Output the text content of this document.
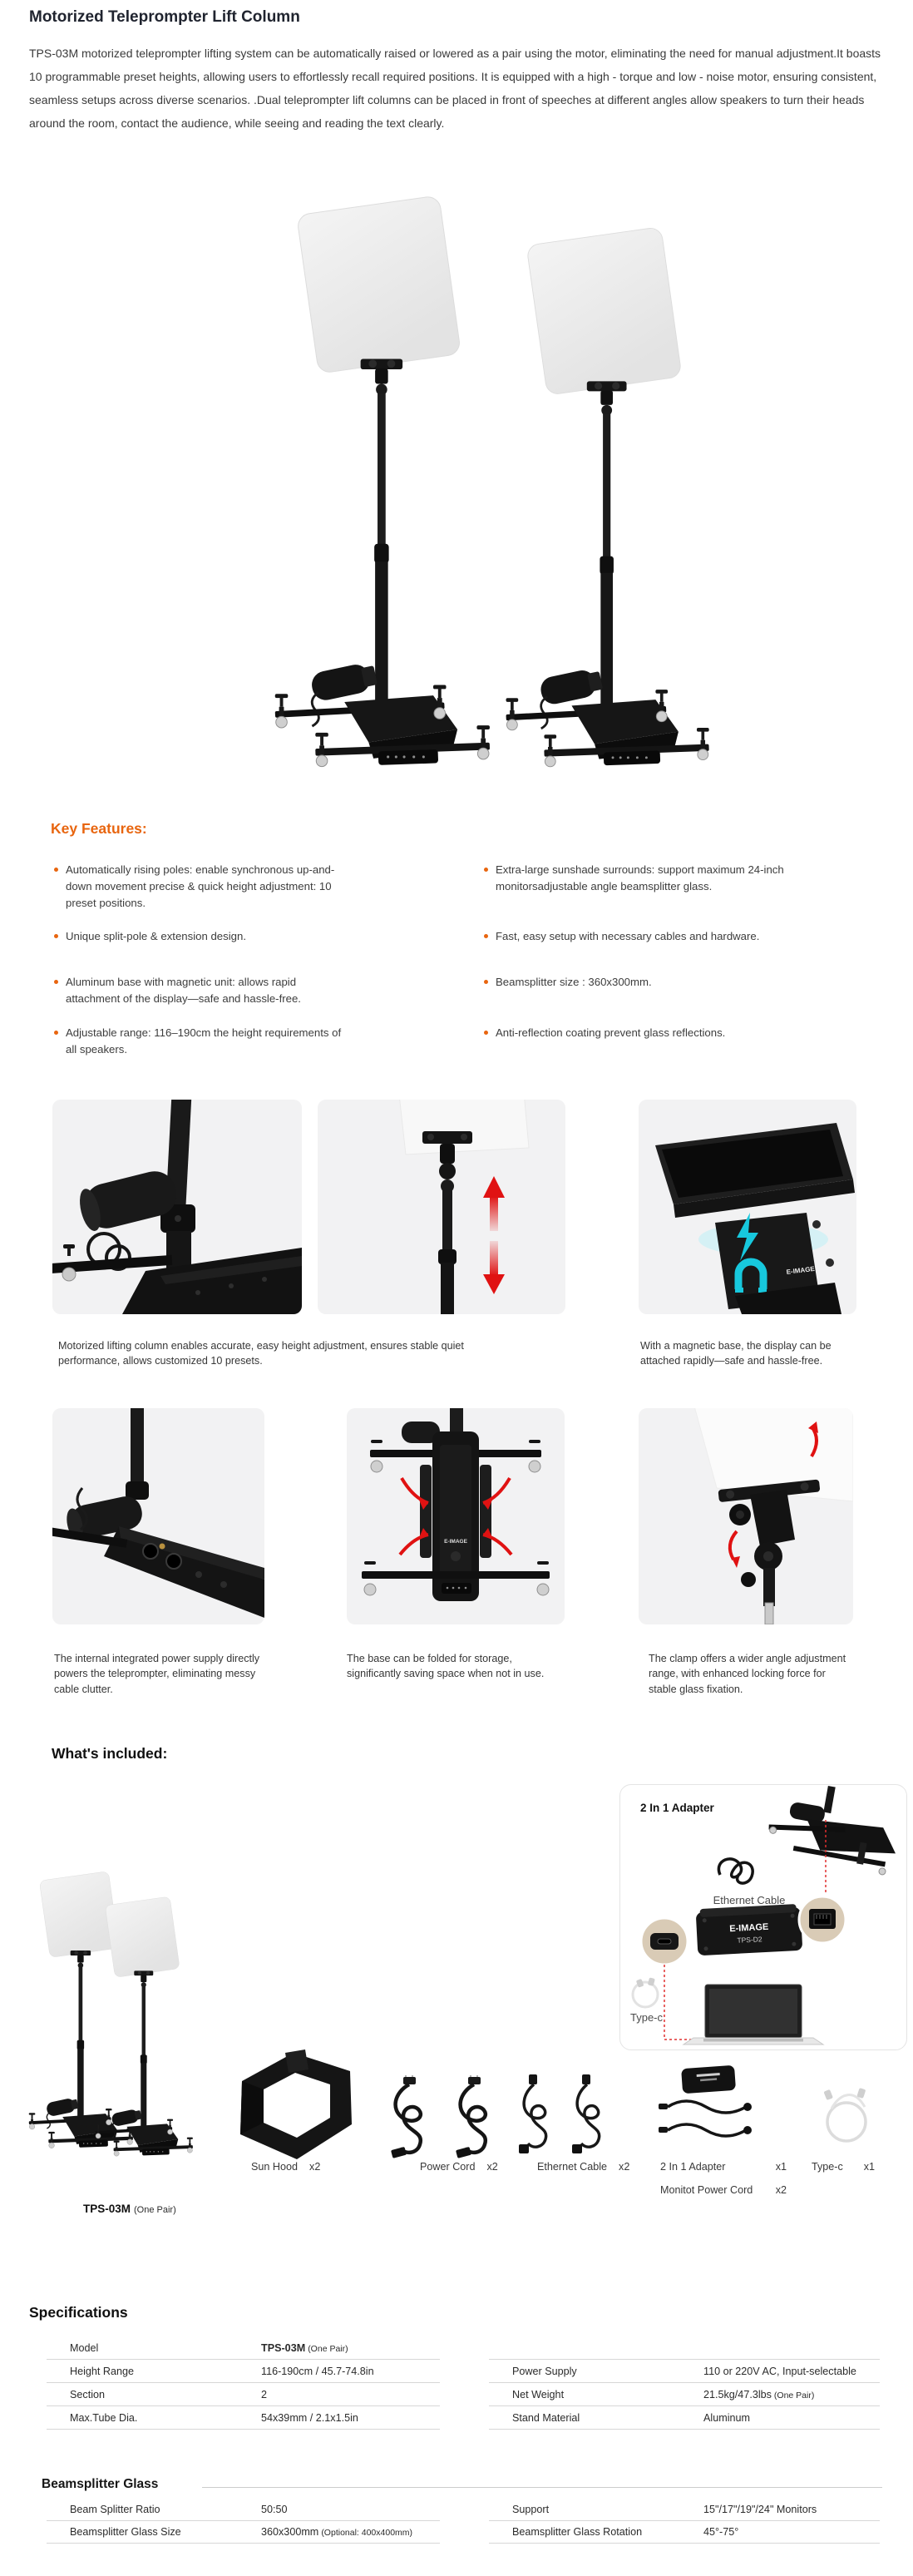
Motorized Teleprompter Lift Column

TPS-03M motorized teleprompter lifting system can be automatically raised or lowered as a pair using the motor, eliminating the need for manual adjustment.It boasts 10 programmable preset heights, allowing users to effortlessly recall required positions. It is equipped with a high - torque and low - noise motor, ensuring consistent, seamless setups across diverse scenarios. .Dual teleprompter lift columns can be placed in front of speeches at different angles allow speakers to turn their heads around the room, contact the audience, while seeing and reading the text clearly.

Key Features:
Automatically rising poles: enable synchronous up-and-down movement precise & quick height adjustment: 10 preset positions.
Unique split-pole & extension design.
Aluminum base with magnetic unit: allows rapid attachment of the display—safe and hassle-free.
Adjustable range: 116–190cm the height requirements of all speakers.
Extra-large sunshade surrounds: support maximum 24-inch monitorsadjustable angle beamsplitter glass.
Fast, easy setup with necessary cables and hardware.
Beamsplitter size : 360x300mm.
Anti-reflection coating prevent glass reflections.
E-IMAGE

Motorized lifting column enables accurate, easy height adjustment, ensures stable quiet performance, allows customized 10 presets.

With a magnetic base, the display can be attached rapidly—safe and hassle-free.

E-IMAGE

The internal integrated power supply directly powers the teleprompter, eliminating messy cable clutter.

The base can be folded for storage, significantly saving space when not in use.

The clamp offers a wider angle adjustment range, with enhanced locking force for stable glass fixation.

What's included:
Ethernet Cable
E-IMAGE
TPS-D2
Type-c
2 In 1 Adapter
Sun Hood x2	Power Cord x2	Ethernet Cable x2	2 In 1 Adapter	x1
Monitot Power Cord x2
Type-c x1
TPS-03M (One Pair)
Specifications
Model	TPS-03M (One Pair)
Height Range	116-190cm / 45.7-74.8in
Section	2
Max.Tube Dia.	54x39mm / 2.1x1.5in
Power Supply	110 or 220V AC, Input-selectable
Net Weight	21.5kg/47.3lbs (One Pair)
Stand Material	Aluminum
Beamsplitter Glass
Beam Splitter Ratio	50:50
Beamsplitter Glass Size	360x300mm (Optional: 400x400mm)
Support	15"/17"/19"/24" Monitors
Beamsplitter Glass Rotation	45°-75°
